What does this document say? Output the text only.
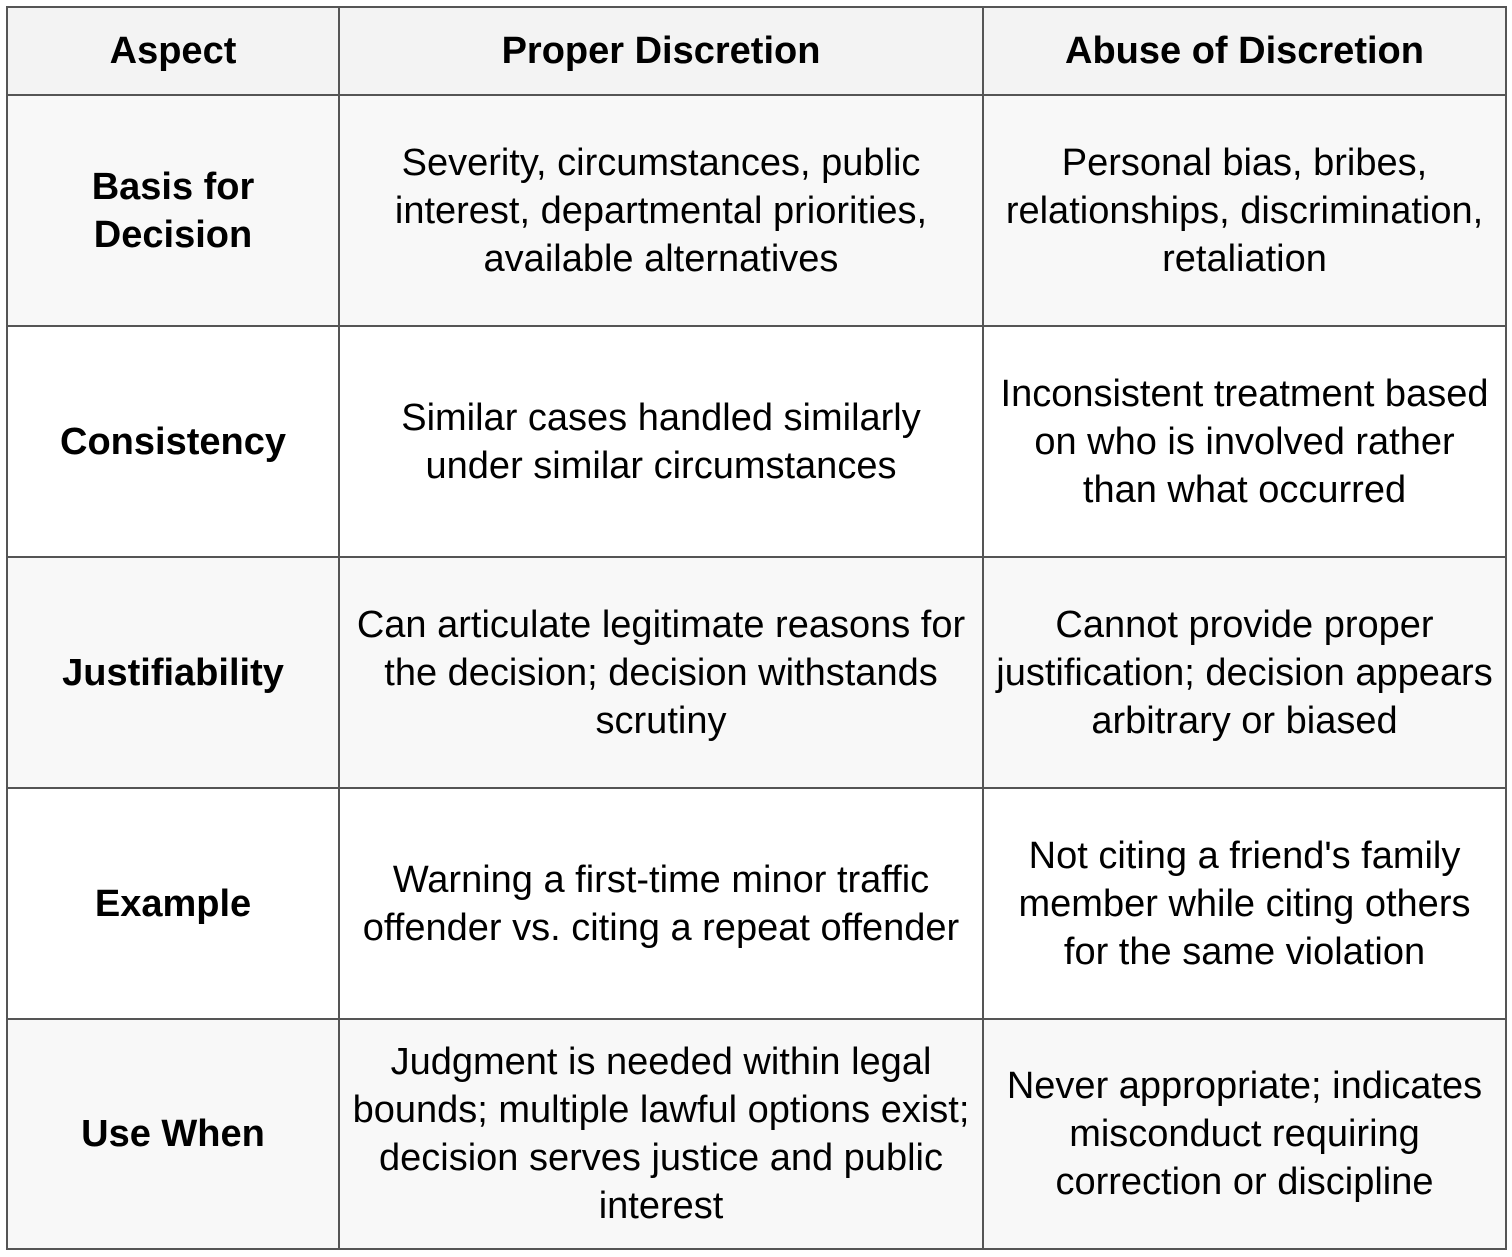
Aspect	Proper Discretion	Abuse of Discretion
Basis for Decision	Severity, circumstances, public interest, departmental priorities, available alternatives	Personal bias, bribes, relationships, discrimination, retaliation
Consistency	Similar cases handled similarly under similar circumstances	Inconsistent treatment based on who is involved rather than what occurred
Justifiability	Can articulate legitimate reasons for the decision; decision withstands scrutiny	Cannot provide proper justification; decision appears arbitrary or biased
Example	Warning a first-time minor traffic offender vs. citing a repeat offender	Not citing a friend's family member while citing others for the same violation
Use When	Judgment is needed within legal bounds; multiple lawful options exist; decision serves justice and public interest	Never appropriate; indicates misconduct requiring correction or discipline
